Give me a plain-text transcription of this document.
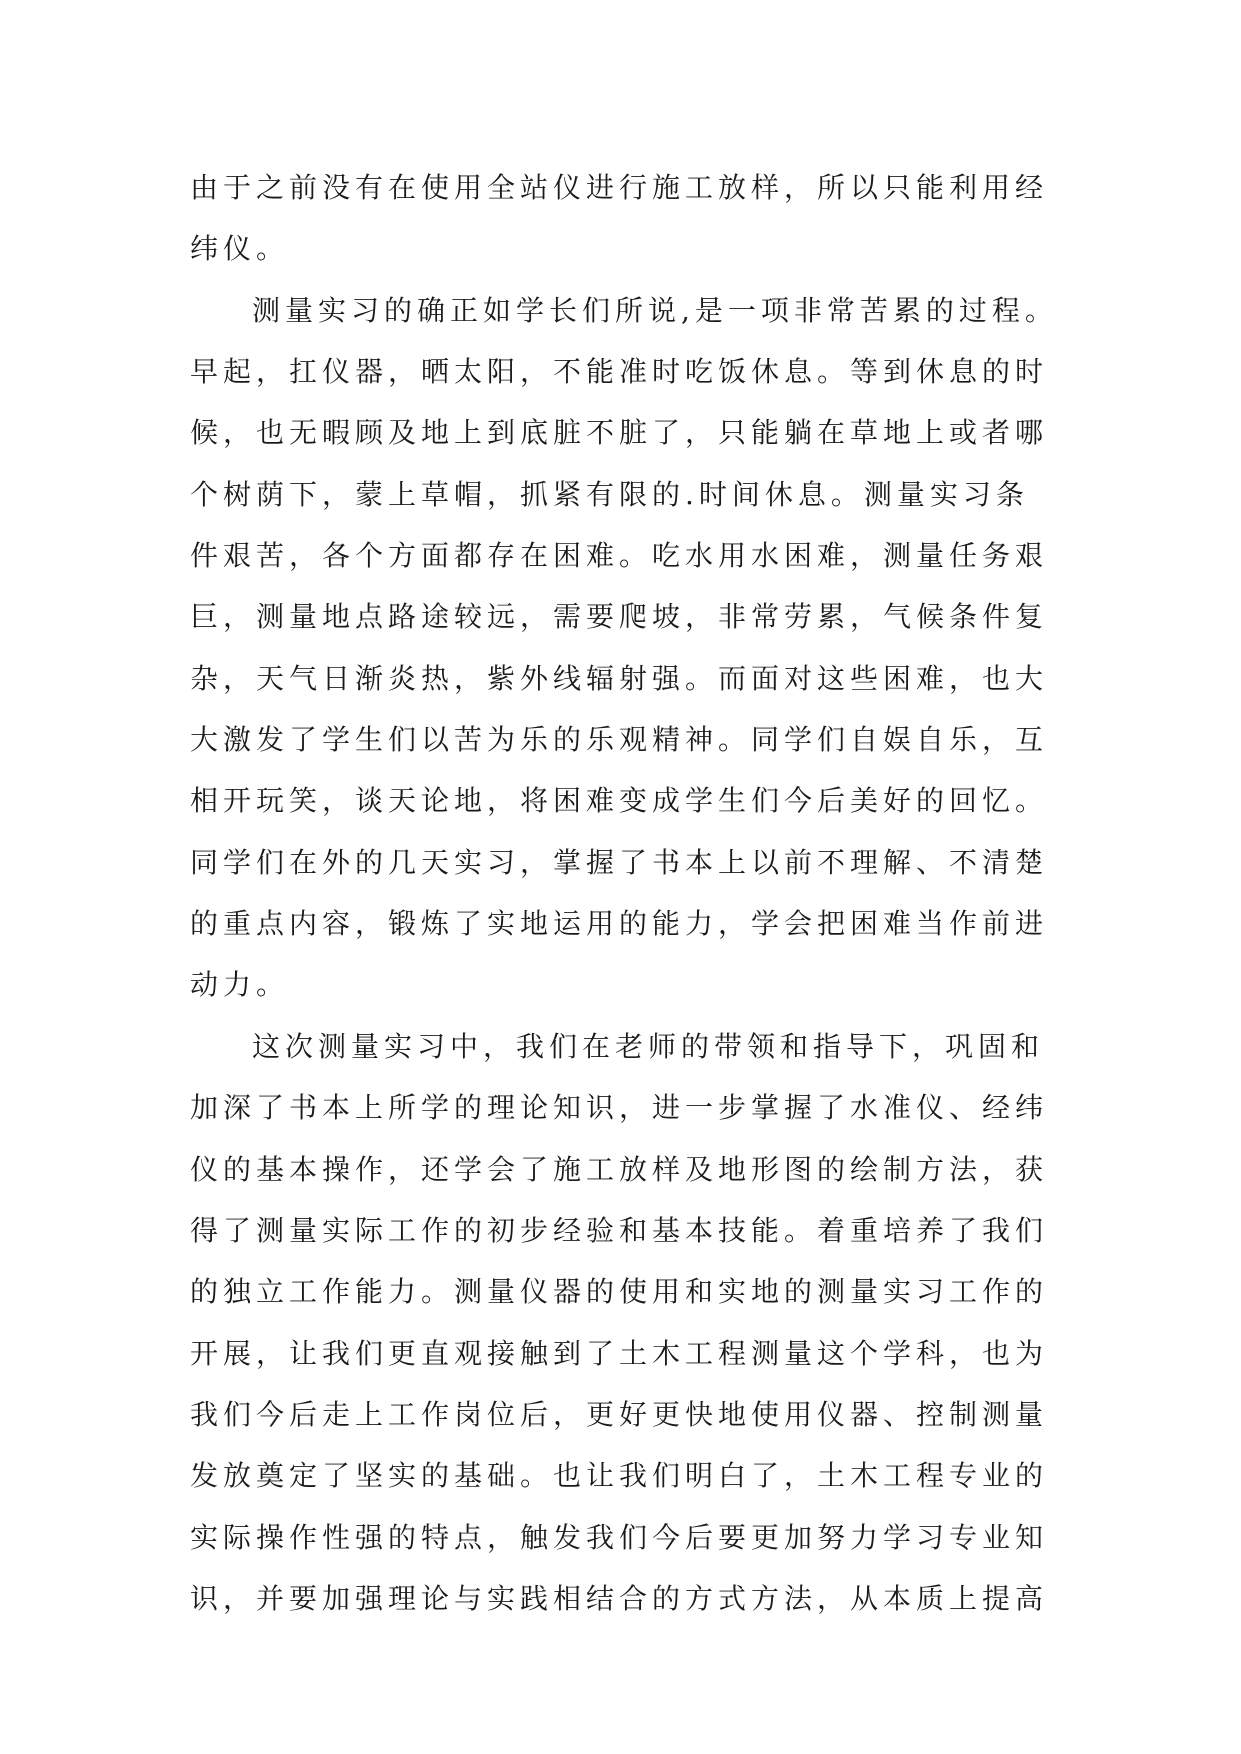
由于之前没有在使用全站仪进行施工放样，所以只能利用经
纬仪。
测量实习的确正如学长们所说,是一项非常苦累的过程。
早起，扛仪器，晒太阳，不能准时吃饭休息。等到休息的时
候，也无暇顾及地上到底脏不脏了，只能躺在草地上或者哪
个树荫下，蒙上草帽，抓紧有限的.时间休息。测量实习条
件艰苦，各个方面都存在困难。吃水用水困难，测量任务艰
巨，测量地点路途较远，需要爬坡，非常劳累，气候条件复
杂，天气日渐炎热，紫外线辐射强。而面对这些困难，也大
大激发了学生们以苦为乐的乐观精神。同学们自娱自乐，互
相开玩笑，谈天论地，将困难变成学生们今后美好的回忆。
同学们在外的几天实习，掌握了书本上以前不理解、不清楚
的重点内容，锻炼了实地运用的能力，学会把困难当作前进
动力。
这次测量实习中，我们在老师的带领和指导下，巩固和
加深了书本上所学的理论知识，进一步掌握了水准仪、经纬
仪的基本操作，还学会了施工放样及地形图的绘制方法，获
得了测量实际工作的初步经验和基本技能。着重培养了我们
的独立工作能力。测量仪器的使用和实地的测量实习工作的
开展，让我们更直观接触到了土木工程测量这个学科，也为
我们今后走上工作岗位后，更好更快地使用仪器、控制测量
发放奠定了坚实的基础。也让我们明白了，土木工程专业的
实际操作性强的特点，触发我们今后要更加努力学习专业知
识，并要加强理论与实践相结合的方式方法，从本质上提高
